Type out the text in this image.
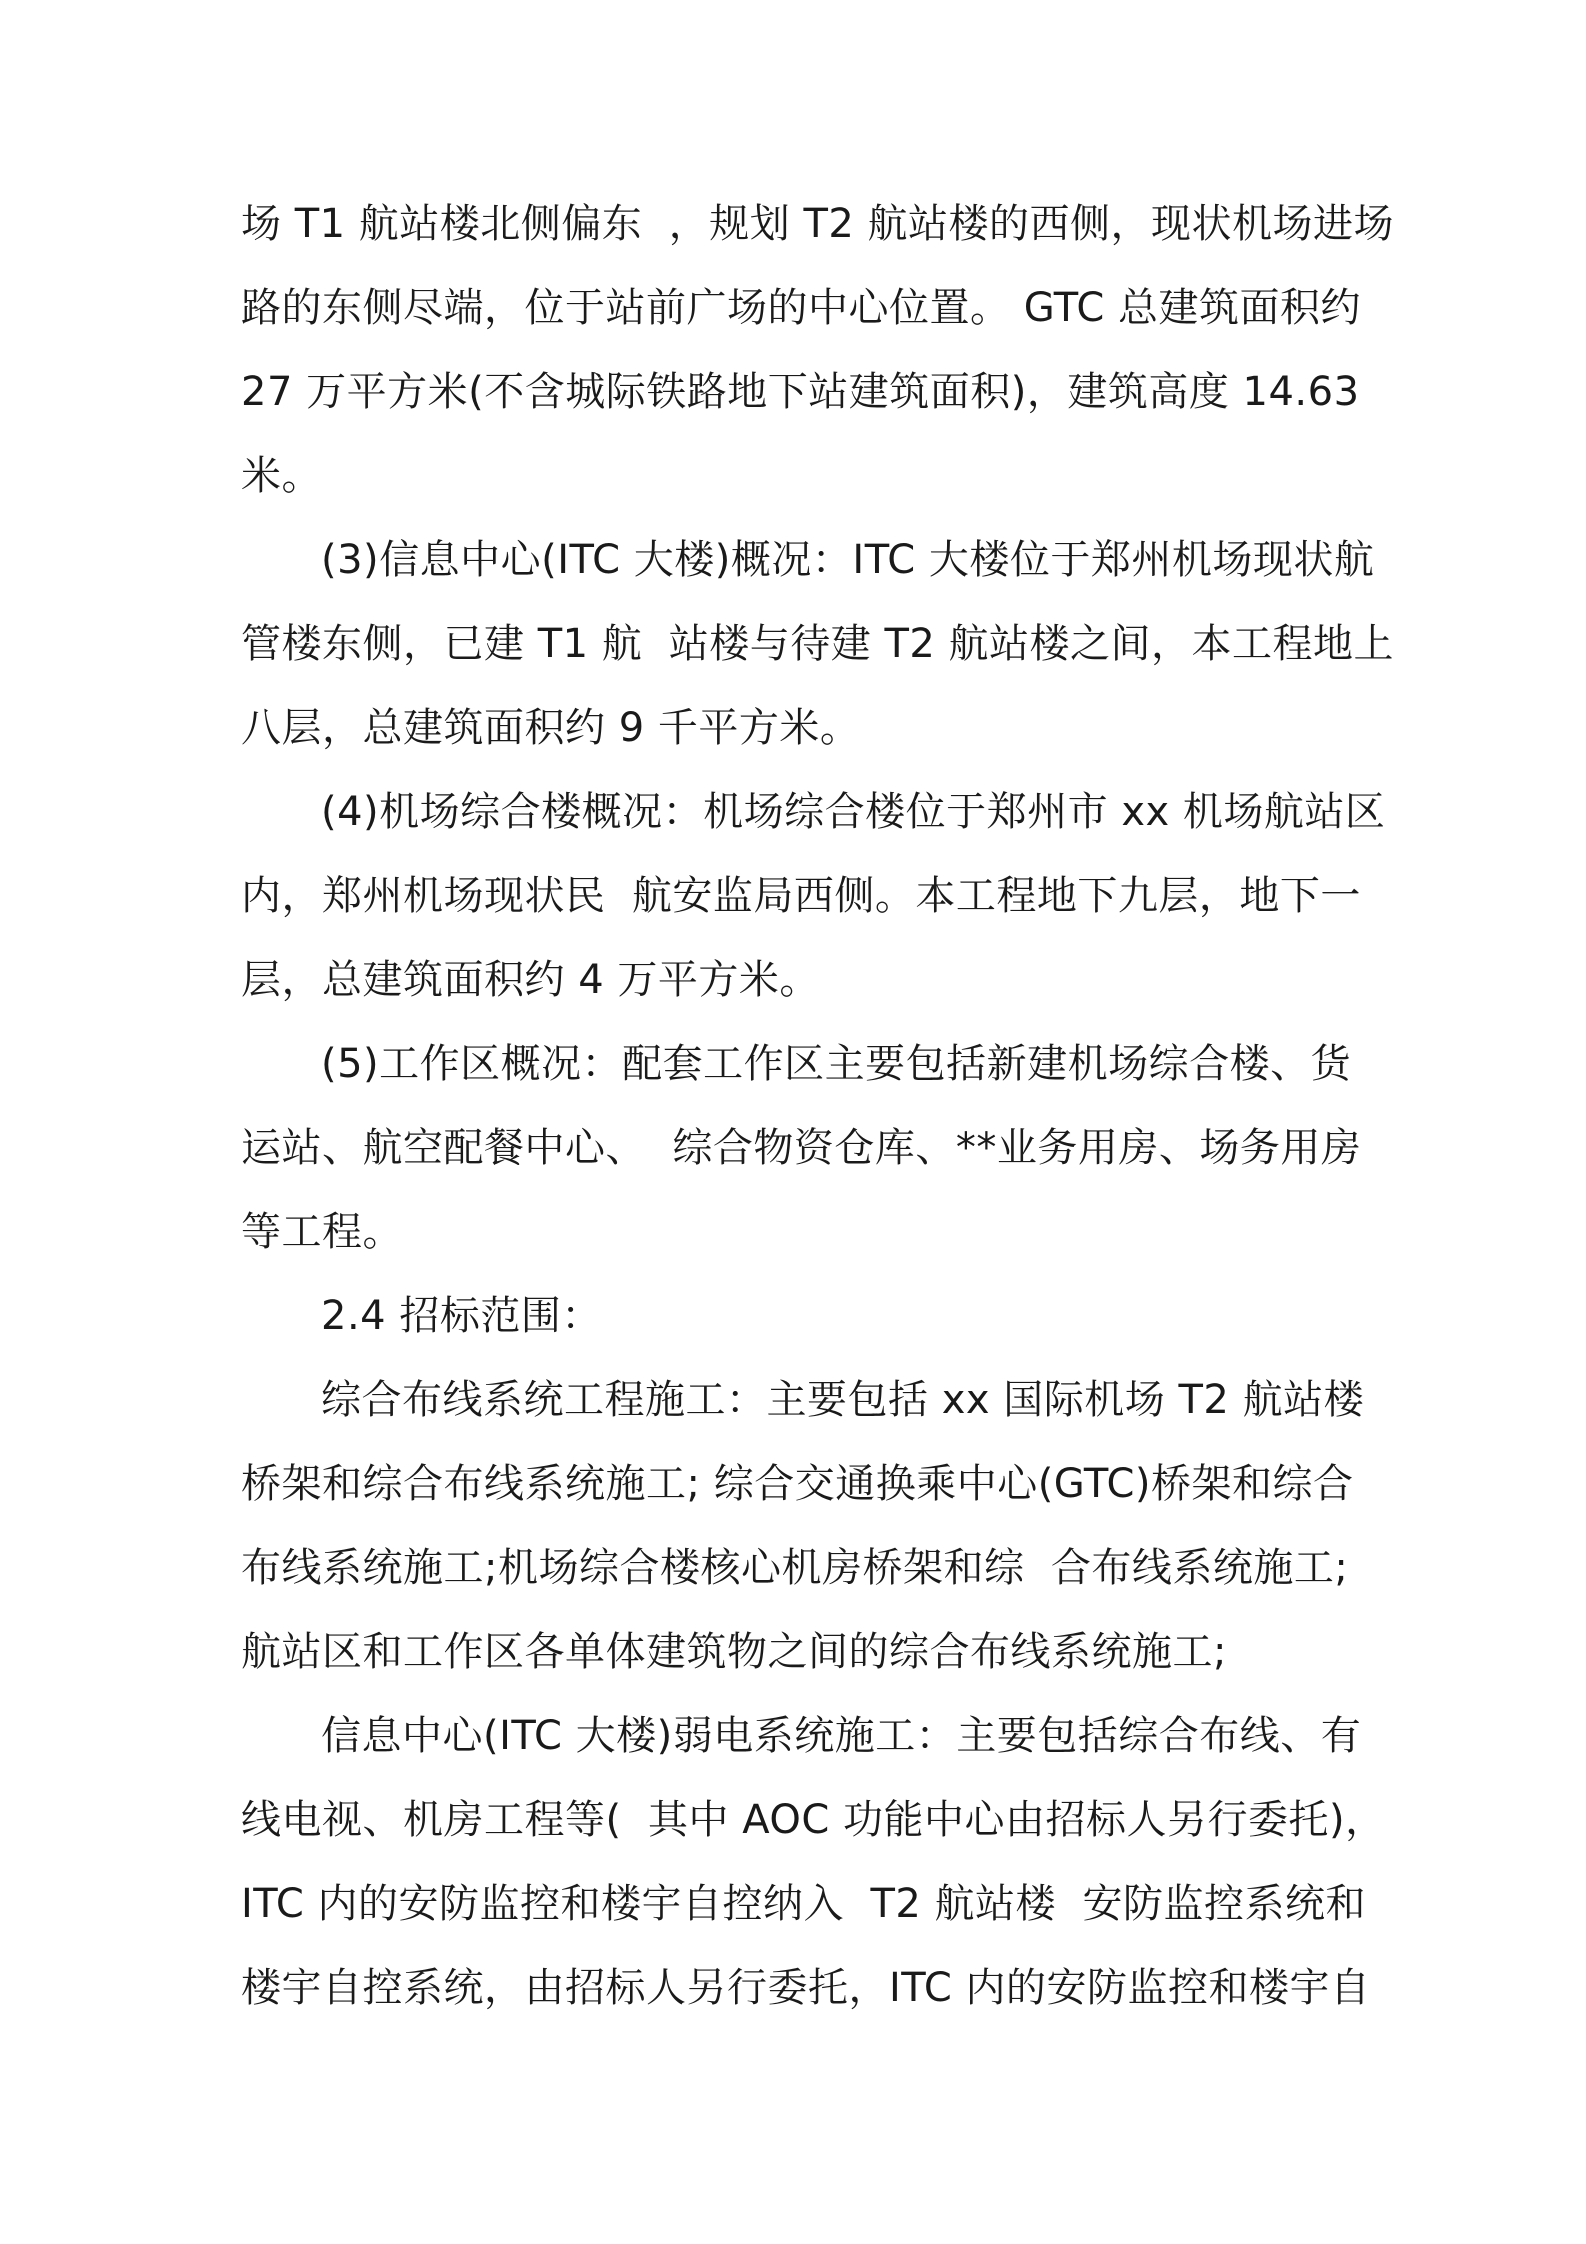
场 T1 航站楼北侧偏东  ，规划 T2 航站楼的西侧，现状机场进场
路的东侧尽端，位于站前广场的中心位置。 GTC 总建筑面积约
27 万平方米(不含城际铁路地下站建筑面积)，建筑高度 14.63
米。
(3)信息中心(ITC 大楼)概况：ITC 大楼位于郑州机场现状航
管楼东侧，已建 T1 航  站楼与待建 T2 航站楼之间，本工程地上
八层，总建筑面积约 9 千平方米。
(4)机场综合楼概况：机场综合楼位于郑州市 xx 机场航站区
内，郑州机场现状民  航安监局西侧。本工程地下九层，地下一
层，总建筑面积约 4 万平方米。
(5)工作区概况：配套工作区主要包括新建机场综合楼、货
运站、航空配餐中心、  综合物资仓库、**业务用房、场务用房
等工程。
2.4 招标范围：
综合布线系统工程施工：主要包括 xx 国际机场 T2 航站楼
桥架和综合布线系统施工; 综合交通换乘中心(GTC)桥架和综合
布线系统施工;机场综合楼核心机房桥架和综  合布线系统施工;
航站区和工作区各单体建筑物之间的综合布线系统施工;
信息中心(ITC 大楼)弱电系统施工：主要包括综合布线、有
线电视、机房工程等(  其中 AOC 功能中心由招标人另行委托)，
ITC 内的安防监控和楼宇自控纳入  T2 航站楼  安防监控系统和
楼宇自控系统，由招标人另行委托，ITC 内的安防监控和楼宇自
